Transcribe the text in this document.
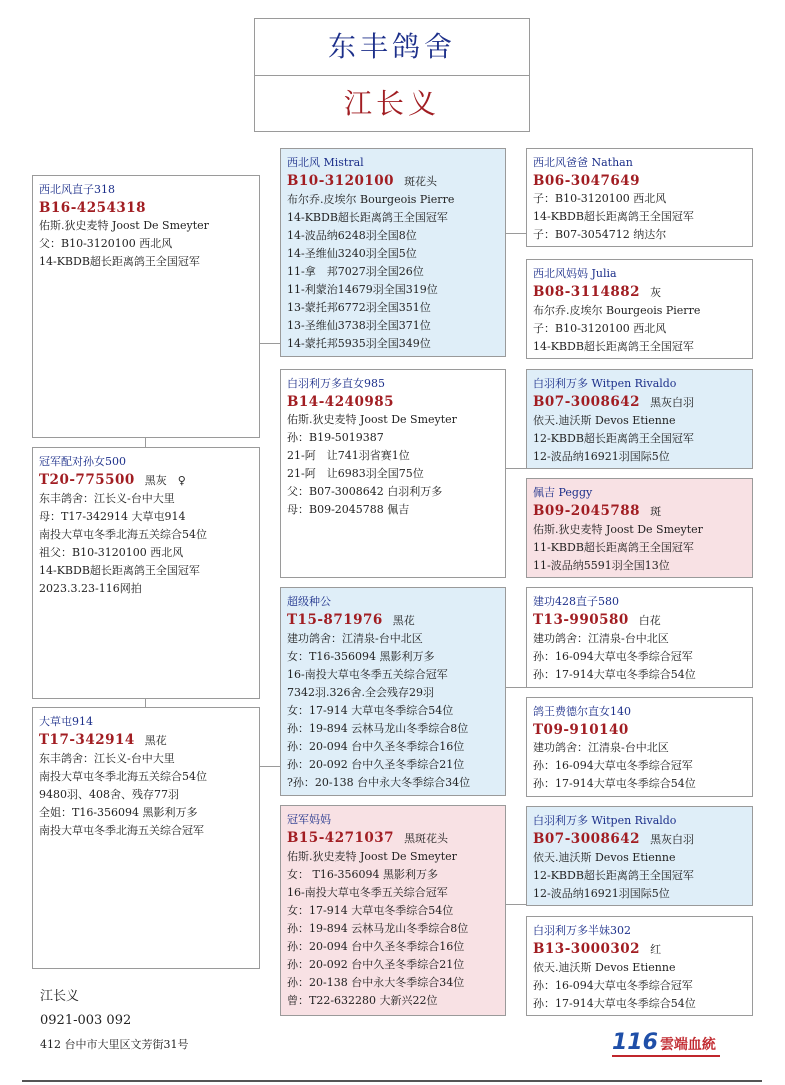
东丰鸽舍
江长义
西北风直子318
B16-4254318
佑斯.狄史麦特 Joost De Smeyter
父：B10-3120100 西北风
14-KBDB超长距离鸽王全国冠军
冠军配对孙女500
T20-775500 黑灰　♀
东丰鸽舍：江长义-台中大里
母：T17-342914 大草屯914
南投大草屯冬季北海五关综合54位
祖父：B10-3120100 西北风
14-KBDB超长距离鸽王全国冠军
2023.3.23-116网拍
大草屯914
T17-342914 黑花
东丰鸽舍：江长义-台中大里
南投大草屯冬季北海五关综合54位
9480羽、408舍、残存77羽
全姐：T16-356094 黑影利万多
南投大草屯冬季北海五关综合冠军
西北风 Mistral
B10-3120100 斑花头
布尔乔.皮埃尔 Bourgeois Pierre
14-KBDB超长距离鸽王全国冠军
14-波品纳6248羽全国8位
14-圣维仙3240羽全国5位
11-拿　邦7027羽全国26位
11-利蒙治14679羽全国319位
13-蒙托邦6772羽全国351位
13-圣维仙3738羽全国371位
14-蒙托邦5935羽全国349位
白羽利万多直女985
B14-4240985
佑斯.狄史麦特 Joost De Smeyter
孙：B19-5019387
21-阿　让741羽省赛1位
21-阿　让6983羽全国75位
父：B07-3008642 白羽利万多
母：B09-2045788 佩吉
超级种公
T15-871976 黑花
建功鸽舍：江清泉-台中北区
女：T16-356094 黑影利万多
16-南投大草屯冬季五关综合冠军
7342羽.326舍.全会残存29羽
女：17-914 大草屯冬季综合54位
孙：19-894 云林马龙山冬季综合8位
孙：20-094 台中久圣冬季综合16位
孙：20-092 台中久圣冬季综合21位
?孙：20-138 台中永大冬季综合34位
冠军妈妈
B15-4271037 黑斑花头
佑斯.狄史麦特 Joost De Smeyter
女： T16-356094 黑影利万多
16-南投大草屯冬季五关综合冠军
女：17-914 大草屯冬季综合54位
孙：19-894 云林马龙山冬季综合8位
孙：20-094 台中久圣冬季综合16位
孙：20-092 台中久圣冬季综合21位
孙：20-138 台中永大冬季综合34位
曾：T22-632280 大新兴22位
西北风爸爸 Nathan
B06-3047649
子：B10-3120100 西北风
14-KBDB超长距离鸽王全国冠军
子：B07-3054712 纳达尔
西北风妈妈 Julia
B08-3114882 灰
布尔乔.皮埃尔 Bourgeois Pierre
子：B10-3120100 西北风
14-KBDB超长距离鸽王全国冠军
白羽利万多 Witpen Rivaldo
B07-3008642 黑灰白羽
依天.迪沃斯 Devos Etienne
12-KBDB超长距离鸽王全国冠军
12-波品纳16921羽国际5位
佩吉 Peggy
B09-2045788 斑
佑斯.狄史麦特 Joost De Smeyter
11-KBDB超长距离鸽王全国冠军
11-波品纳5591羽全国13位
建功428直子580
T13-990580 白花
建功鸽舍：江清泉-台中北区
孙：16-094大草屯冬季综合冠军
孙：17-914大草屯冬季综合54位
鸽王费德尔直女140
T09-910140
建功鸽舍：江清泉-台中北区
孙：16-094大草屯冬季综合冠军
孙：17-914大草屯冬季综合54位
白羽利万多 Witpen Rivaldo
B07-3008642 黑灰白羽
依天.迪沃斯 Devos Etienne
12-KBDB超长距离鸽王全国冠军
12-波品纳16921羽国际5位
白羽利万多半妹302
B13-3000302 红
依天.迪沃斯 Devos Etienne
孙：16-094大草屯冬季综合冠军
孙：17-914大草屯冬季综合54位
江长义
0921-003 092
412 台中市大里区文芳街31号	116 雲端血統
